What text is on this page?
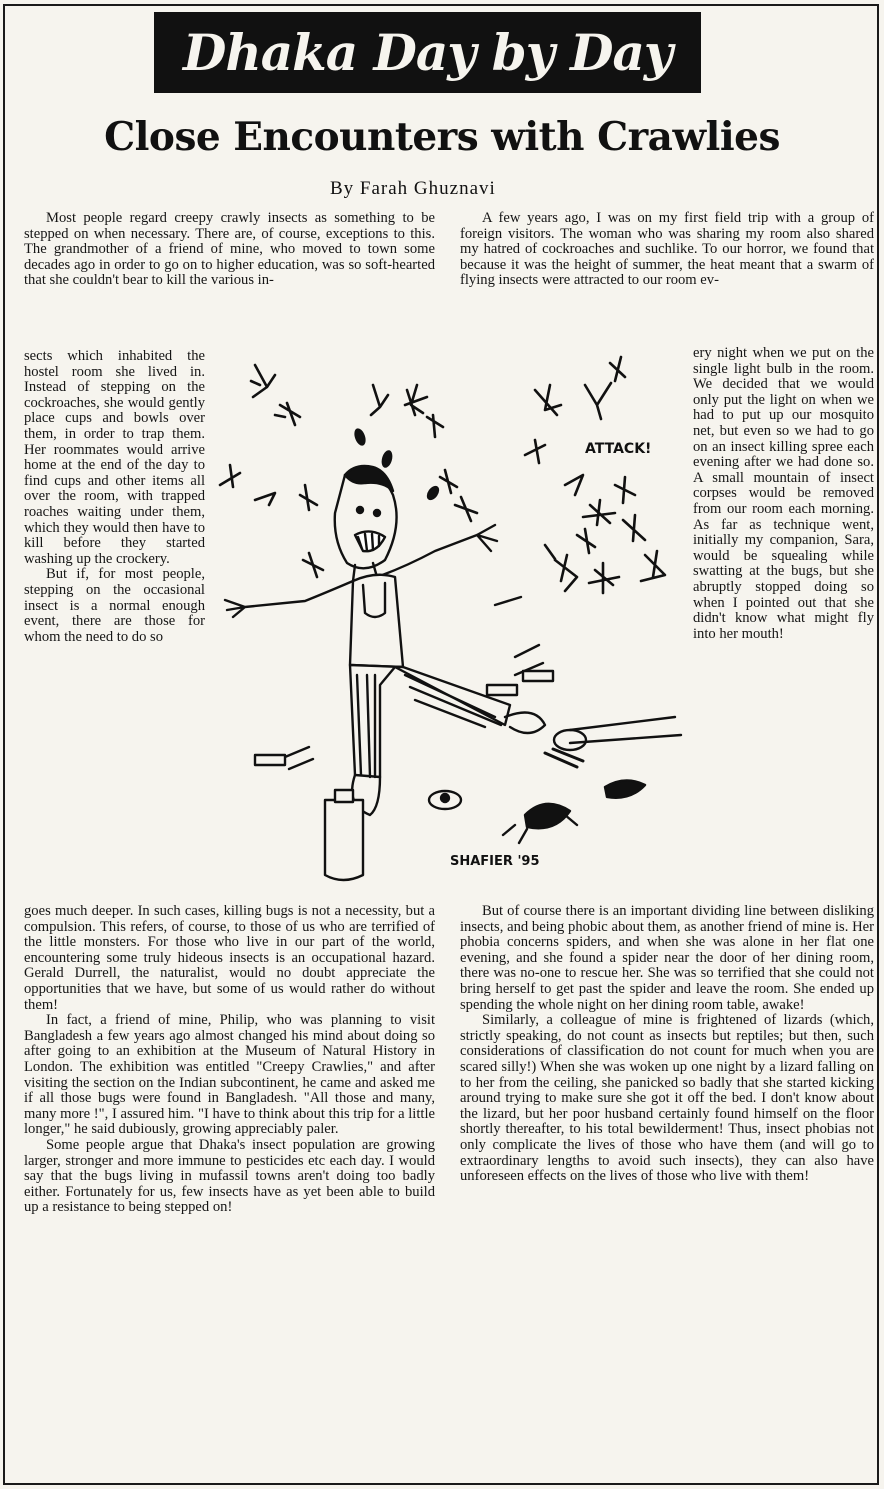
Dhaka Day by Day
Close Encounters with Crawlies
By Farah Ghuznavi

Most people regard creepy crawly insects as something to be stepped on when necessary. There are, of course, exceptions to this. The grandmother of a friend of mine, who moved to town some decades ago in order to go on to higher education, was so soft-hearted that she couldn't bear to kill the various in-

sects which inhabited the hostel room she lived in. Instead of stepping on the cockroaches, she would gently place cups and bowls over them, in order to trap them. Her roommates would arrive home at the end of the day to find cups and other items all over the room, with trapped roaches waiting under them, which they would then have to kill before they started washing up the crockery.

But if, for most people, stepping on the occasional insect is a normal enough event, there are those for whom the need to do so

goes much deeper. In such cases, killing bugs is not a necessity, but a compulsion. This refers, of course, to those of us who are terrified of the little monsters. For those who live in our part of the world, encountering some truly hideous insects is an occupational hazard. Gerald Durrell, the naturalist, would no doubt appreciate the opportunities that we have, but some of us would rather do without them!

In fact, a friend of mine, Philip, who was planning to visit Bangladesh a few years ago almost changed his mind about doing so after going to an exhibition at the Museum of Natural History in London. The exhibition was entitled "Creepy Crawlies," and after visiting the section on the Indian subcontinent, he came and asked me if all those bugs were found in Bangladesh. "All those and many, many more !", I assured him. "I have to think about this trip for a little longer," he said dubiously, growing appreciably paler.

Some people argue that Dhaka's insect population are growing larger, stronger and more immune to pesticides etc each day. I would say that the bugs living in mufassil towns aren't doing too badly either. Fortunately for us, few insects have as yet been able to build up a resistance to being stepped on!

A few years ago, I was on my first field trip with a group of foreign visitors. The woman who was sharing my room also shared my hatred of cockroaches and suchlike. To our horror, we found that because it was the height of summer, the heat meant that a swarm of flying insects were attracted to our room ev-

ery night when we put on the single light bulb in the room. We decided that we would only put the light on when we had to put up our mosquito net, but even so we had to go on an insect killing spree each evening after we had done so. A small mountain of insect corpses would be removed from our room each morning. As far as technique went, initially my companion, Sara, would be squealing while swatting at the bugs, but she abruptly stopped doing so when I pointed out that she didn't know what might fly into her mouth!

But of course there is an important dividing line between disliking insects, and being phobic about them, as another friend of mine is. Her phobia concerns spiders, and when she was alone in her flat one evening, and she found a spider near the door of her dining room, there was no-one to rescue her. She was so terrified that she could not bring herself to get past the spider and leave the room. She ended up spending the whole night on her dining room table, awake!

Similarly, a colleague of mine is frightened of lizards (which, strictly speaking, do not count as insects but reptiles; but then, such considerations of classification do not count for much when you are scared silly!) When she was woken up one night by a lizard falling on to her from the ceiling, she panicked so badly that she started kicking around trying to make sure she got it off the bed. I don't know about the lizard, but her poor husband certainly found himself on the floor shortly thereafter, to his total bewilderment! Thus, insect phobias not only complicate the lives of those who have them (and will go to extraordinary lengths to avoid such insects), they can also have unforeseen effects on the lives of those who live with them!

ATTACK!
SHAFIER '95
